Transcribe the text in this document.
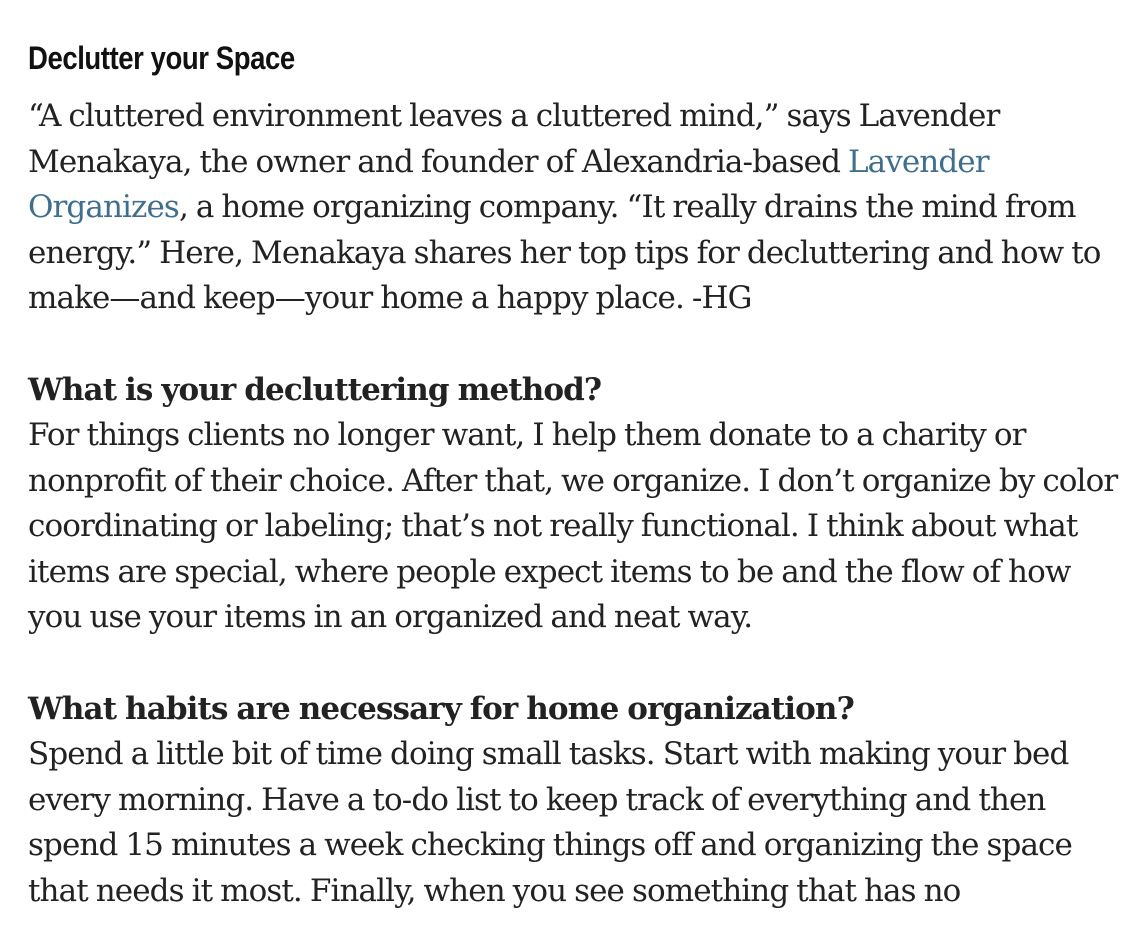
Declutter your Space

“A cluttered environment leaves a cluttered mind,” says Lavender Menakaya, the owner and founder of Alexandria-based Lavender Organizes, a home organizing company. “It really drains the mind from energy.” Here, Menakaya shares her top tips for decluttering and how to make—and keep—your home a happy place. -HG

What is your decluttering method?
For things clients no longer want, I help them donate to a charity or nonprofit of their choice. After that, we organize. I don’t organize by color coordinating or labeling; that’s not really functional. I think about what items are special, where people expect items to be and the flow of how you use your items in an organized and neat way.

What habits are necessary for home organization?
Spend a little bit of time doing small tasks. Start with making your bed every morning. Have a to-do list to keep track of everything and then spend 15 minutes a week checking things off and organizing the space that needs it most. Finally, when you see something that has no
